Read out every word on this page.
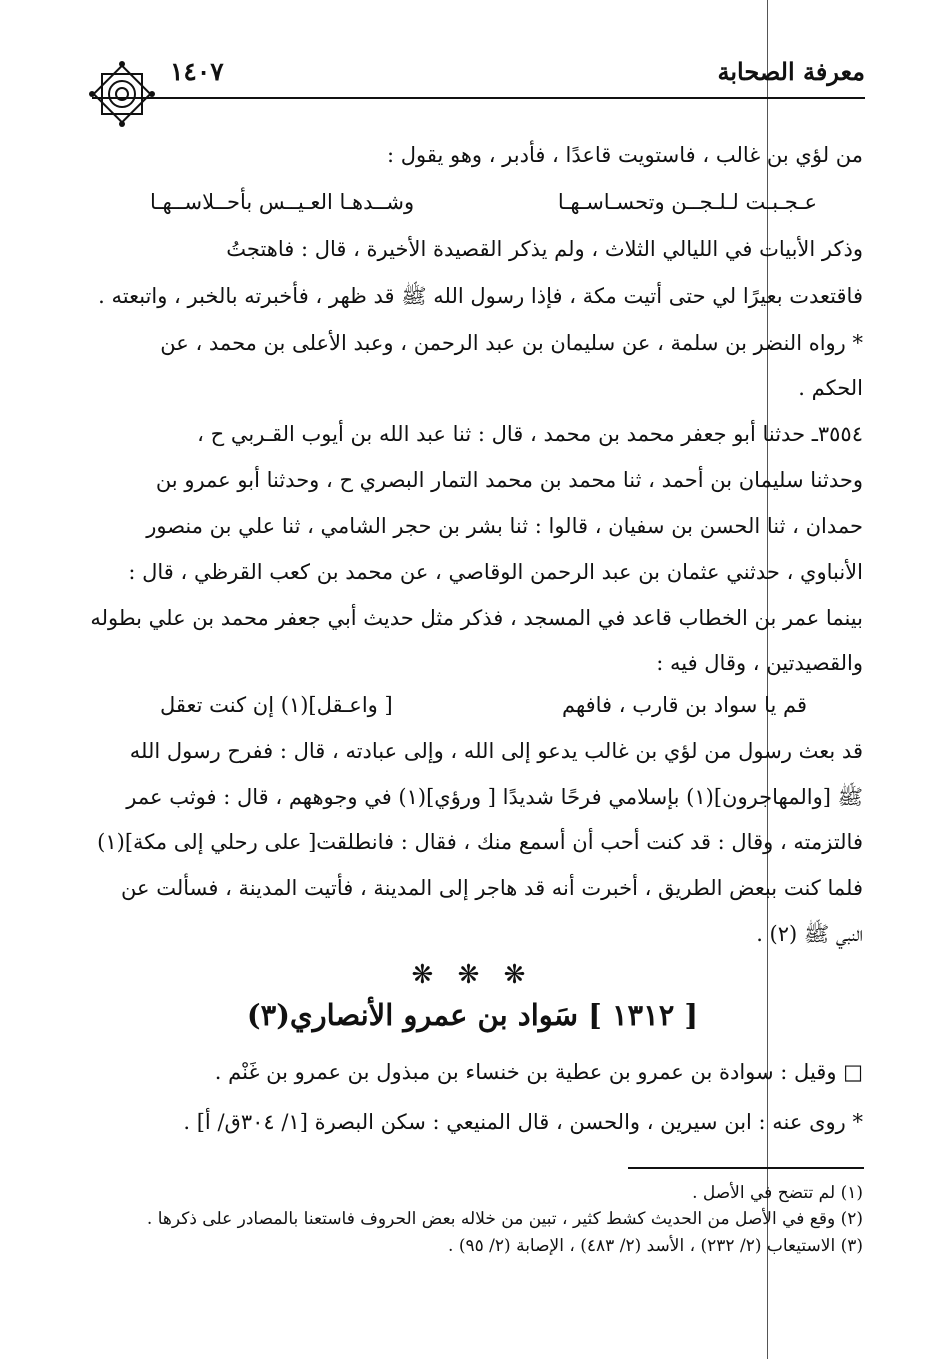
معرفة الصحابة
١٤٠٧
من لؤي بن غالب ، فاستويت قاعدًا ، فأدبر ، وهو يقول :
عـجـبـت لـلـجــن وتحسـاسـهـا
وشــدهـا العـيــس بأحــلاســهـا
وذكر الأبيات في الليالي الثلاث ، ولم يذكر القصيدة الأخيرة ، قال : فاهتجتُ
فاقتعدت بعيرًا لي حتى أتيت مكة ، فإذا رسول الله ﷺ قد ظهر ، فأخبرته بالخبر ، واتبعته .
* رواه النضر بن سلمة ، عن سليمان بن عبد الرحمن ، وعبد الأعلى بن محمد ، عن
الحكم .
٣٥٥٤ـ حدثنا أبو جعفر محمد بن محمد ، قال : ثنا عبد الله بن أيوب القـربي ح ،
وحدثنا سليمان بن أحمد ، ثنا محمد بن محمد التمار البصري ح ، وحدثنا أبو عمرو بن
حمدان ، ثنا الحسن بن سفيان ، قالوا : ثنا بشر بن حجر الشامي ، ثنا علي بن منصور
الأنباوي ، حدثني عثمان بن عبد الرحمن الوقاصي ، عن محمد بن كعب القرظي ، قال :
بينما عمر بن الخطاب قاعد في المسجد ، فذكر مثل حديث أبي جعفر محمد بن علي بطوله
والقصيدتين ، وقال فيه :
قم يا سواد بن قارب ، فافهم
[ واعـقل](١) إن كنت تعقل
قد بعث رسول من لؤي بن غالب يدعو إلى الله ، وإلى عبادته ، قال : ففرح رسول الله
ﷺ [والمهاجرون](١) بإسلامي فرحًا شديدًا [ ورؤي](١) في وجوههم ، قال : فوثب عمر
فالتزمته ، وقال : قد كنت أحب أن أسمع منك ، فقال : فانطلقت[ على رحلي إلى مكة](١)
فلما كنت ببعض الطريق ، أخبرت أنه قد هاجر إلى المدينة ، فأتيت المدينة ، فسألت عن
النبي ﷺ (٢) .
❋ ❋ ❋
[ ١٣١٢ ] سَواد بن عمرو الأنصاري(٣)
□ وقيل : سوادة بن عمرو بن عطية بن خنساء بن مبذول بن عمرو بن غَنْم .
* روى عنه : ابن سيرين ، والحسن ، قال المنيعي : سكن البصرة [١/ ٣٠٤ق/ أ] .

(١) لم تتضح في الأصل .

(٢) وقع في الأصل من الحديث كشط كثير ، تبين من خلاله بعض الحروف فاستعنا بالمصادر على ذكرها .

(٣) الاستيعاب (٢/ ٢٣٢) ، الأسد (٢/ ٤٨٣) ، الإصابة (٢/ ٩٥) .
